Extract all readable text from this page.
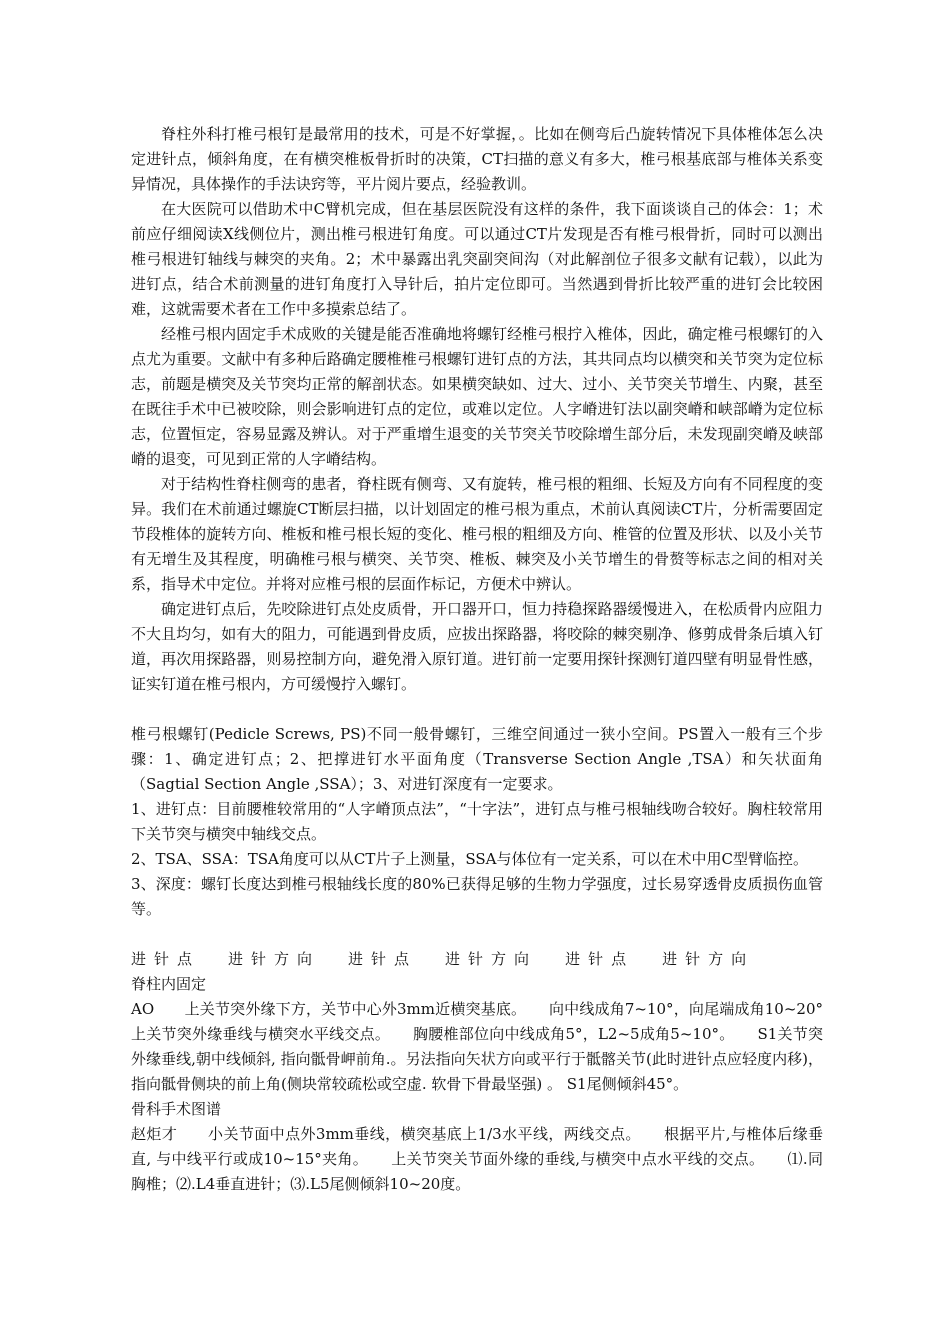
脊柱外科打椎弓根钉是最常用的技术，可是不好掌握，。比如在侧弯后凸旋转情况下具体椎体怎么决定进针点，倾斜角度，在有横突椎板骨折时的决策，CT扫描的意义有多大，椎弓根基底部与椎体关系变异情况，具体操作的手法诀窍等，平片阅片要点，经验教训。

在大医院可以借助术中C臂机完成，但在基层医院没有这样的条件，我下面谈谈自己的体会：1；术前应仔细阅读X线侧位片，测出椎弓根进钉角度。可以通过CT片发现是否有椎弓根骨折，同时可以测出椎弓根进钉轴线与棘突的夹角。2；术中暴露出乳突副突间沟（对此解剖位子很多文献有记载），以此为进钉点，结合术前测量的进钉角度打入导针后，拍片定位即可。当然遇到骨折比较严重的进钉会比较困难，这就需要术者在工作中多摸索总结了。

经椎弓根内固定手术成败的关键是能否准确地将螺钉经椎弓根拧入椎体，因此，确定椎弓根螺钉的入点尤为重要。文献中有多种后路确定腰椎椎弓根螺钉进钉点的方法，其共同点均以横突和关节突为定位标志，前题是横突及关节突均正常的解剖状态。如果横突缺如、过大、过小、关节突关节增生、内聚，甚至在既往手术中已被咬除，则会影响进钉点的定位，或难以定位。人字嵴进钉法以副突嵴和峡部嵴为定位标志，位置恒定，容易显露及辨认。对于严重增生退变的关节突关节咬除增生部分后，未发现副突嵴及峡部嵴的退变，可见到正常的人字嵴结构。

对于结构性脊柱侧弯的患者，脊柱既有侧弯、又有旋转，椎弓根的粗细、长短及方向有不同程度的变异。我们在术前通过螺旋CT断层扫描，以计划固定的椎弓根为重点，术前认真阅读CT片，分析需要固定节段椎体的旋转方向、椎板和椎弓根长短的变化、椎弓根的粗细及方向、椎管的位置及形状、以及小关节有无增生及其程度，明确椎弓根与横突、关节突、椎板、棘突及小关节增生的骨赘等标志之间的相对关系，指导术中定位。并将对应椎弓根的层面作标记，方便术中辨认。

确定进钉点后，先咬除进钉点处皮质骨，开口器开口，恒力持稳探路器缓慢进入，在松质骨内应阻力不大且均匀，如有大的阻力，可能遇到骨皮质，应拔出探路器，将咬除的棘突剔净、修剪成骨条后填入钉道，再次用探路器，则易控制方向，避免滑入原钉道。进钉前一定要用探针探测钉道四壁有明显骨性感，证实钉道在椎弓根内，方可缓慢拧入螺钉。

椎弓根螺钉(Pedicle Screws, PS)不同一般骨螺钉，三维空间通过一狭小空间。PS置入一般有三个步骤：1、确定进钉点；2、把撑进钉水平面角度（Transverse Section Angle ,TSA）和矢状面角（Sagtial Section Angle ,SSA）；3、对进钉深度有一定要求。

1、进钉点：目前腰椎较常用的“人字嵴顶点法”，“十字法”，进钉点与椎弓根轴线吻合较好。胸柱较常用下关节突与横突中轴线交点。

2、TSA、SSA：TSA角度可以从CT片子上测量，SSA与体位有一定关系，可以在术中用C型臂临控。

3、深度：螺钉长度达到椎弓根轴线长度的80%已获得足够的生物力学强度，过长易穿透骨皮质损伤血管等。

进针点 进针方向 进针点 进针方向 进针点 进针方向

脊柱内固定

AO　　上关节突外缘下方，关节中心外3mm近横突基底。　　向中线成角7~10°，向尾端成角10~20°　　上关节突外缘垂线与横突水平线交点。　　胸腰椎部位向中线成角5°，L2~5成角5~10°。　　S1关节突外缘垂线,朝中线倾斜, 指向骶骨岬前角.。另法指向矢状方向或平行于骶髂关节(此时进针点应轻度内移)，指向骶骨侧块的前上角(侧块常较疏松或空虚. 软骨下骨最坚强) 。 S1尾侧倾斜45°。

骨科手术图谱

赵炬才　　小关节面中点外3mm垂线，横突基底上1/3水平线，两线交点。　　根据平片,与椎体后缘垂直, 与中线平行或成10~15°夹角。　　上关节突关节面外缘的垂线,与横突中点水平线的交点。　　⑴.同胸椎；⑵.L4垂直进针；⑶.L5尾侧倾斜10~20度。
